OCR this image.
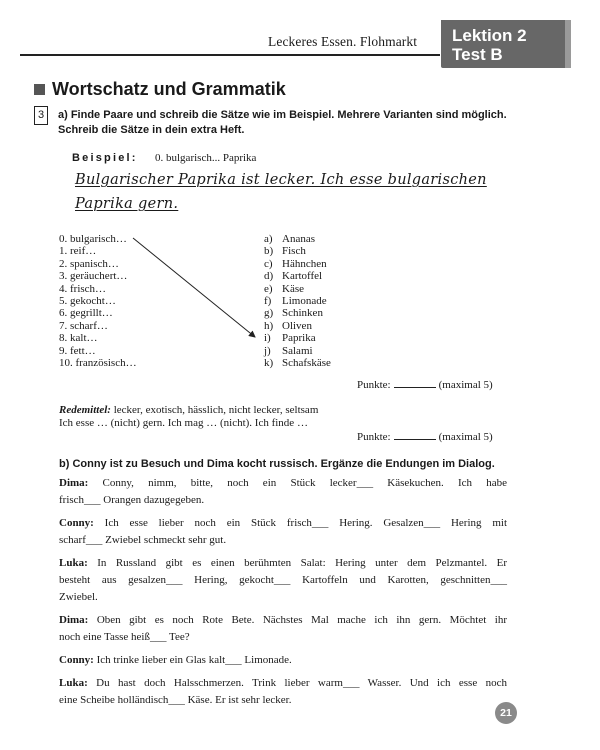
Leckeres Essen. Flohmarkt Lektion 2
Test B
Wortschatz und Grammatik
3	a) Finde Paare und schreib die Sätze wie im Beispiel. Mehrere Varianten sind möglich.
Schreib die Sätze in dein extra Heft.
Beispiel: 0. bulgarisch... Paprika
Bulgarischer Paprika ist lecker. Ich esse bulgarischen
Paprika gern.
0. bulgarisch…
1. reif…
2. spanisch…
3. geräuchert…
4. frisch…
5. gekocht…
6. gegrillt…
7. scharf…
8. kalt…
9. fett…
10. französisch…
a) Ananas
b) Fisch
c) Hähnchen
d) Kartoffel
e) Käse
f) Limonade
g) Schinken
h) Oliven
i) Paprika
j) Salami
k) Schafskäse
Punkte:	(maximal 5)
Redemittel: lecker, exotisch, hässlich, nicht lecker, seltsam
Ich esse … (nicht) gern. Ich mag … (nicht). Ich finde …
Punkte:	(maximal 5)
b) Conny ist zu Besuch und Dima kocht russisch. Ergänze die Endungen im Dialog.
Dima: Conny, nimm, bitte, noch ein Stück lecker___ Käsekuchen. Ich habe
frisch___ Orangen dazugegeben.
Conny: Ich esse lieber noch ein Stück frisch___ Hering. Gesalzen___ Hering mit
scharf___ Zwiebel schmeckt sehr gut.
Luka: In Russland gibt es einen berühmten Salat: Hering unter dem Pelzmantel. Er
besteht aus gesalzen___ Hering, gekocht___ Kartoffeln und Karotten, geschnitten___
Zwiebel.
Dima: Oben gibt es noch Rote Bete. Nächstes Mal mache ich ihn gern. Möchtet ihr
noch eine Tasse heiß___ Tee?
Conny: Ich trinke lieber ein Glas kalt___ Limonade.
Luka: Du hast doch Halsschmerzen. Trink lieber warm___ Wasser. Und ich esse noch
eine Scheibe holländisch___ Käse. Er ist sehr lecker.
21
